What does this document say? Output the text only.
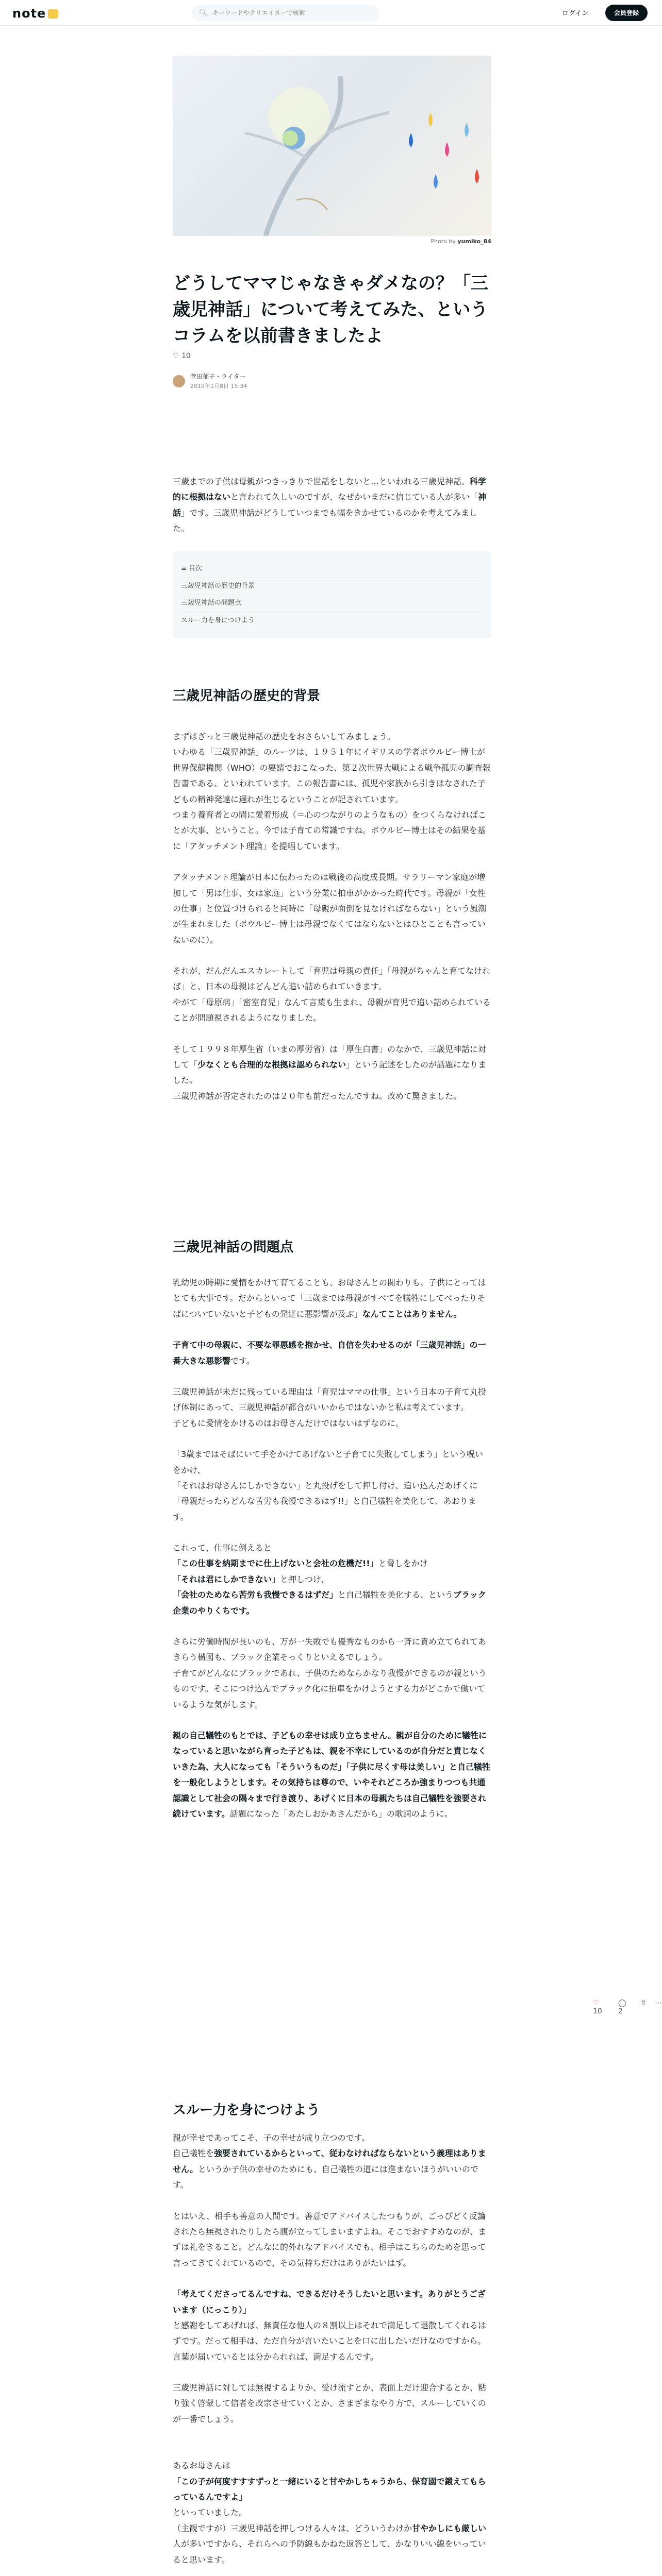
note	🔍︎
キーワードやクリエイターで検索	ログイン	会員登録
Photo by yumiko_84
どうしてママじゃなきゃダメなの？「三歳児神話」について考えてみた、というコラムを以前書きましたよ
♡ 10
菅田郁子・ライター
2019年1月8日 15:34
三歳までの子供は母親がつきっきりで世話をしないと…といわれる三歳児神話。科学的に根拠はないと言われて久しいのですが、なぜかいまだに信じている人が多い「神話」です。三歳児神話がどうしていつまでも幅をきかせているのかを考えてみました。
≡ 目次
三歳児神話の歴史的背景
三歳児神話の問題点
スルー力を身につけよう
三歳児神話の歴史的背景

まずはざっと三歳児神話の歴史をおさらいしてみましょう。

いわゆる「三歳児神話」のルーツは、１９５１年にイギリスの学者ボウルビー博士が世界保健機関（WHO）の要請でおこなった、第２次世界大戦による戦争孤児の調査報告書である、といわれています。この報告書には、孤児や家族から引きはなされた子どもの精神発達に遅れが生じるということが記されています。

つまり養育者との間に愛着形成（＝心のつながりのようなもの）をつくらなければことが大事、ということ。今では子育ての常識ですね。ボウルビー博士はその結果を基に「アタッチメント理論」を提唱しています。

アタッチメント理論が日本に伝わったのは戦後の高度成長期。サラリーマン家庭が増加して「男は仕事、女は家庭」という分業に拍車がかかった時代です。母親が「女性の仕事」と位置づけられると同時に「母親が面倒を見なければならない」という風潮が生まれました（ボウルビー博士は母親でなくてはならないとはひとことも言っていないのに）。

それが、だんだんエスカレートして「育児は母親の責任」「母親がちゃんと育てなければ」と、日本の母親はどんどん追い詰められていきます。

やがて「母原病」「密室育児」なんて言葉も生まれ、母親が育児で追い詰められていることが問題視されるようになりました。

そして１９９８年厚生省（いまの厚労省）は「厚生白書」のなかで、三歳児神話に対して「少なくとも合理的な根拠は認められない」という記述をしたのが話題になりました。

三歳児神話が否定されたのは２０年も前だったんですね。改めて驚きました。

三歳児神話の問題点

乳幼児の時期に愛情をかけて育てることも、お母さんとの関わりも、子供にとってはとても大事です。だからといって「三歳までは母親がすべてを犠牲にしてべったりそばについていないと子どもの発達に悪影響が及ぶ」なんてことはありません。

子育て中の母親に、不要な罪悪感を抱かせ、自信を失わせるのが「三歳児神話」の一番大きな悪影響です。

三歳児神話が未だに残っている理由は「育児はママの仕事」という日本の子育て丸投げ体制にあって、三歳児神話が都合がいいからではないかと私は考えています。

子どもに愛情をかけるのはお母さんだけではないはずなのに。

「3歳まではそばにいて手をかけてあげないと子育てに失敗してしまう」という呪いをかけ、

「それはお母さんにしかできない」と丸投げをして押し付け、追い込んだあげくに

「母親だったらどんな苦労も我慢できるはず!!」と自己犠牲を美化して、あおります。

これって、仕事に例えると

「この仕事を納期までに仕上げないと会社の危機だ!!」と脅しをかけ

「それは君にしかできない」と押しつけ、

「会社のためなら苦労も我慢できるはずだ」と自己犠牲を美化する、というブラック企業のやりくちです。

さらに労働時間が長いのも、万が一失敗でも優秀なものから一斉に責め立てられてあきらう構図も、ブラック企業そっくりといえるでしょう。

子育てがどんなにブラックであれ、子供のためならかなり我慢ができるのが親というものです。そこにつけ込んでブラック化に拍車をかけようとする力がどこかで働いているような気がします。

親の自己犠牲のもとでは、子どもの幸せは成り立ちません。親が自分のために犠牲になっていると思いながら育った子どもは、親を不幸にしているのが自分だと責じなくいきた為、大人になっても「そういうものだ」「子供に尽くす母は美しい」と自己犠牲を一般化しようとします。その気持ちは尊ので、いやそれどころか強まりつつも共通認識として社会の隅々まで行き渡り、あげくに日本の母親たちは自己犠牲を強要され続けています。話題になった「あたしおかあさんだから」の歌詞のように。

♡ 10
◯ 2
⇧ ⋯
スルー力を身につけよう

親が幸せであってこそ、子の幸せが成り立つのです。

自己犠牲を強要されているからといって、従わなければならないという義理はありません。というか子供の幸せのためにも、自己犠牲の道には進まないほうがいいのです。

とはいえ、相手も善意の人間です。善意でアドバイスしたつもりが、ごっぴどく反論されたら無視されたりしたら腹が立ってしまいますよね。そこでおすすめなのが、まずは礼をきること。どんなに的外れなアドバイスでも、相手はこちらのためを思って言ってきてくれているので、その気持ちだけはありがたいはず。

「考えてくださってるんですね、できるだけそうしたいと思います。ありがとうございます（にっこり）」

と感謝をしてあげれば、無責任な他人の８割以上はそれで満足して退散してくれるはずです。だって相手は、ただ自分が言いたいことを口に出したいだけなのですから。言葉が届いているとは分かられれば、満足するんです。

三歳児神話に対しては無視するよりか、受け流すとか、表面上だけ迎合するとか、粘り強く啓蒙して信者を改宗させていくとか、さまざまなやり方で、スルーしていくのが一番でしょう。

あるお母さんは

「この子が何度すすすずっと一緒にいると甘やかしちゃうから、保育園で鍛えてもらっているんですよ」

といっていました。

（主観ですが）三歳児神話を押しつける人々は、どういうわけか甘やかしにも厳しい人が多いですから、それらへの予防線もかねた返答として、かなりいい線をいっていると思います。
